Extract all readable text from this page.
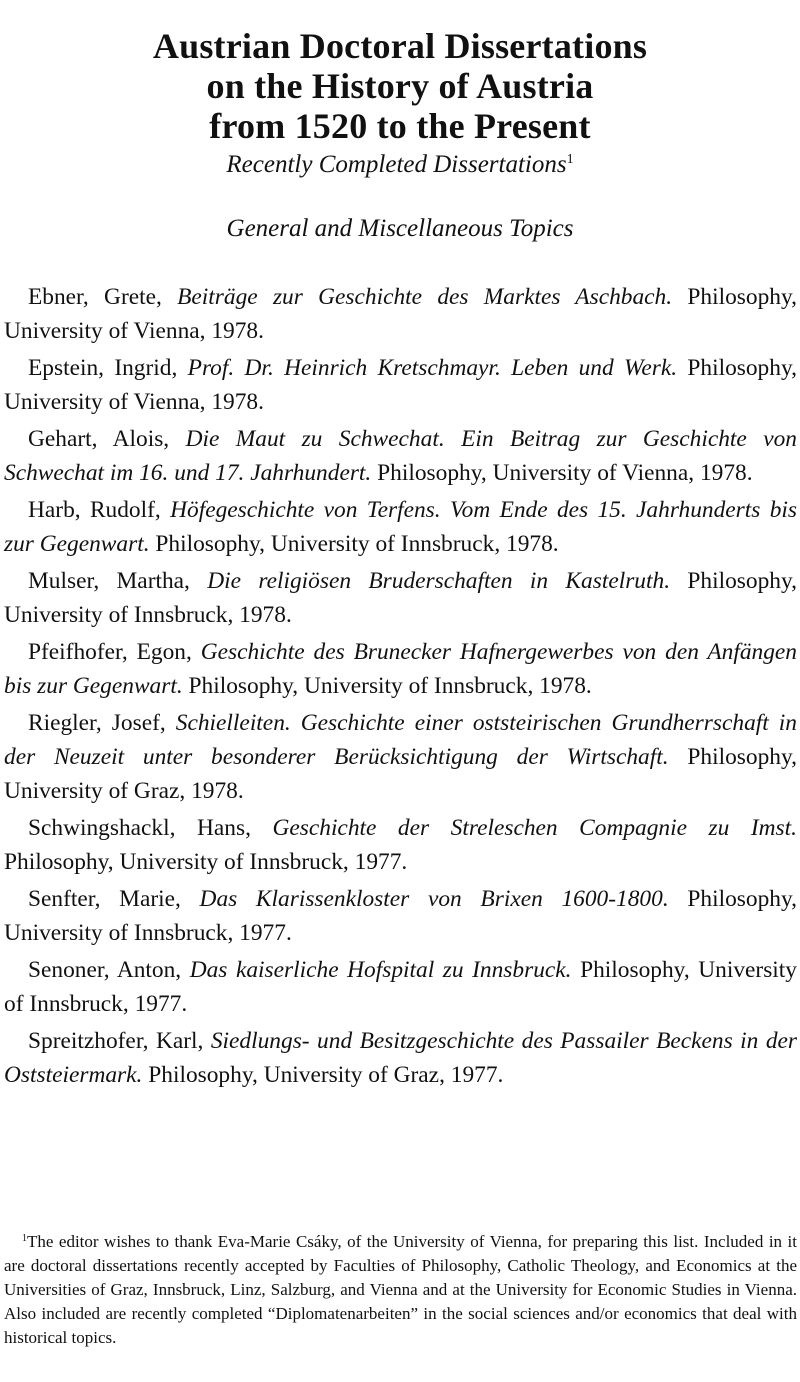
Austrian Doctoral Dissertations
on the History of Austria
from 1520 to the Present
Recently Completed Dissertations$^1$
General and Miscellaneous Topics

Ebner, Grete, Beiträge zur Geschichte des Marktes Aschbach. Philosophy, University of Vienna, 1978.

Epstein, Ingrid, Prof. Dr. Heinrich Kretschmayr. Leben und Werk. Philosophy, University of Vienna, 1978.

Gehart, Alois, Die Maut zu Schwechat. Ein Beitrag zur Geschichte von Schwechat im 16. und 17. Jahrhundert. Philosophy, University of Vienna, 1978.

Harb, Rudolf, Höfegeschichte von Terfens. Vom Ende des 15. Jahrhunderts bis zur Gegenwart. Philosophy, University of Innsbruck, 1978.

Mulser, Martha, Die religiösen Bruderschaften in Kastelruth. Philosophy, University of Innsbruck, 1978.

Pfeifhofer, Egon, Geschichte des Brunecker Hafnergewerbes von den Anfängen bis zur Gegenwart. Philosophy, University of Innsbruck, 1978.

Riegler, Josef, Schielleiten. Geschichte einer oststeirischen Grundherrschaft in der Neuzeit unter besonderer Berücksichtigung der Wirtschaft. Philosophy, University of Graz, 1978.

Schwingshackl, Hans, Geschichte der Streleschen Compagnie zu Imst. Philosophy, University of Innsbruck, 1977.

Senfter, Marie, Das Klarissenkloster von Brixen 1600-1800. Philosophy, University of Innsbruck, 1977.

Senoner, Anton, Das kaiserliche Hofspital zu Innsbruck. Philosophy, University of Innsbruck, 1977.

Spreitzhofer, Karl, Siedlungs- und Besitzgeschichte des Passailer Beckens in der Oststeiermark. Philosophy, University of Graz, 1977.

$^1$The editor wishes to thank Eva-Marie Csáky, of the University of Vienna, for preparing this list. Included in it are doctoral dissertations recently accepted by Faculties of Philosophy, Catholic Theology, and Economics at the Universities of Graz, Innsbruck, Linz, Salzburg, and Vienna and at the University for Economic Studies in Vienna. Also included are recently completed “Diplomatenarbeiten” in the social sciences and/or economics that deal with historical topics.
